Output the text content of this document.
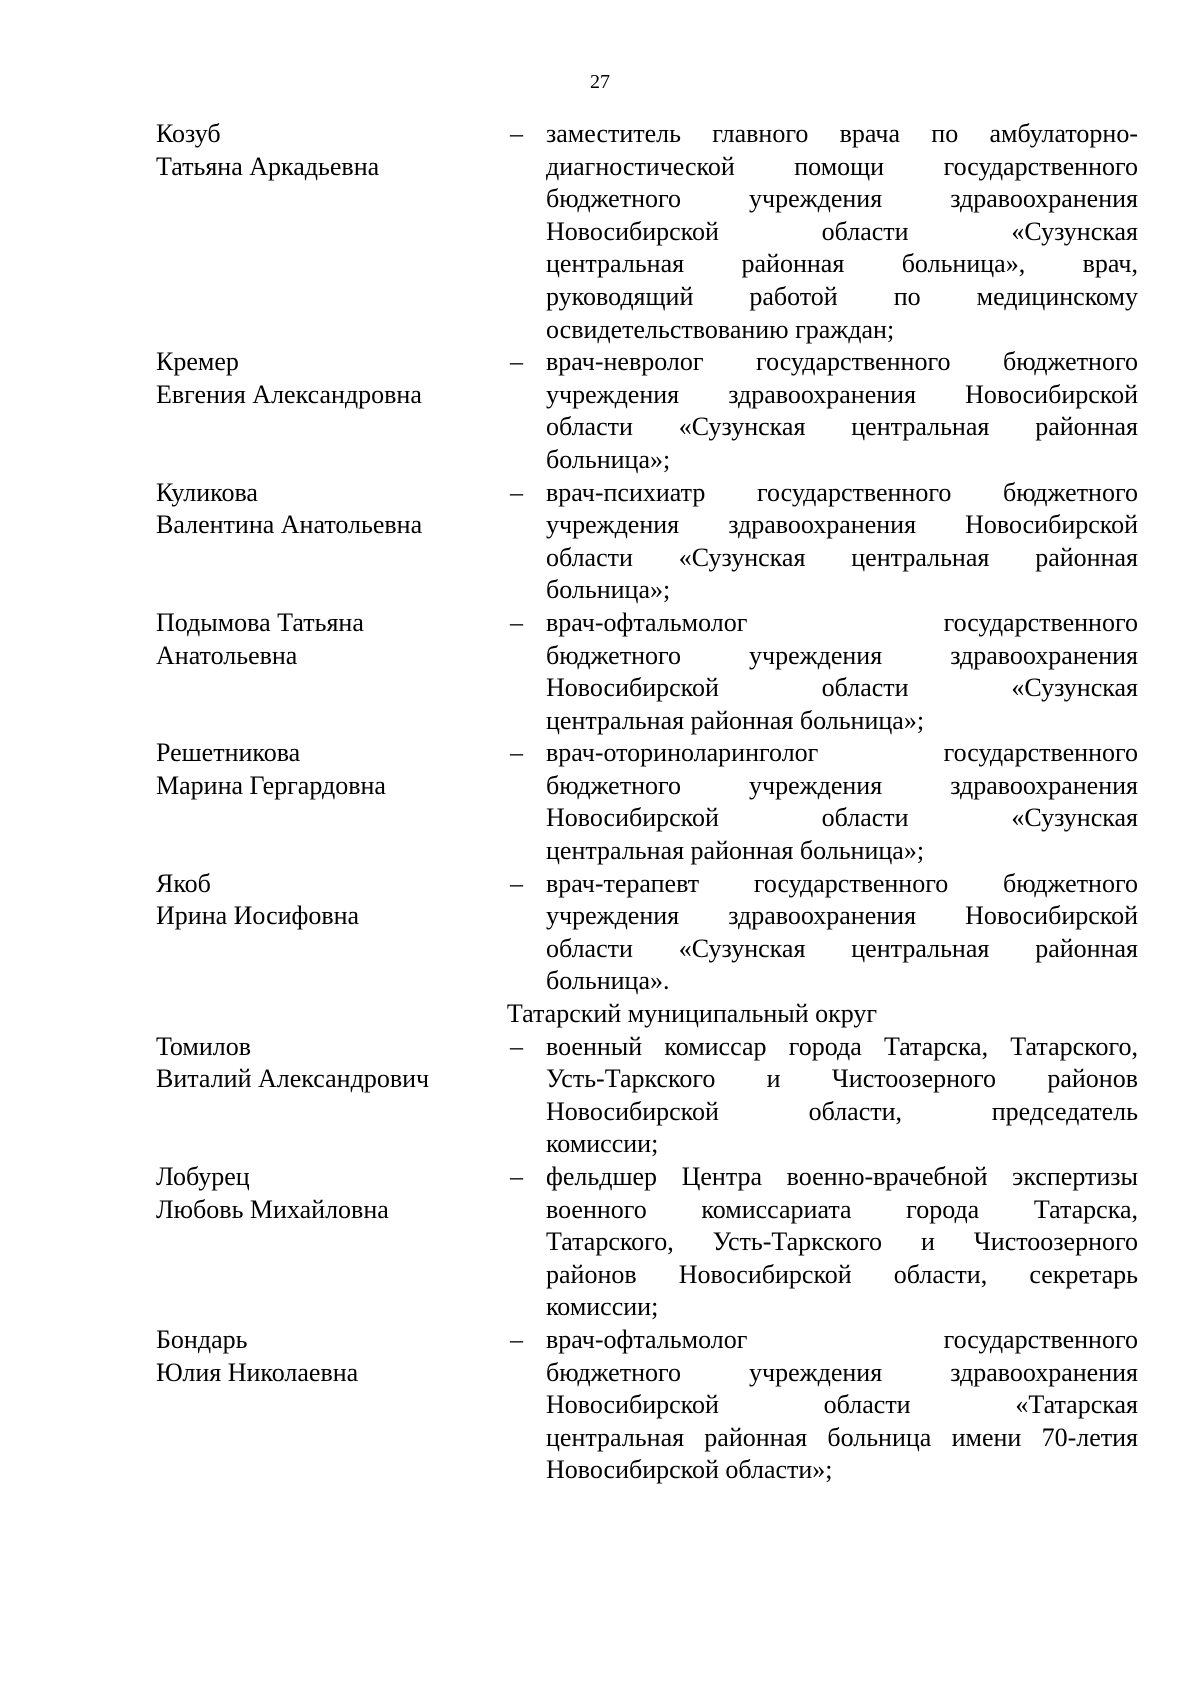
27
Козуб
Татьяна Аркадьевна
– заместитель главного врача по амбулаторно-
диагностической помощи государственного
бюджетного учреждения здравоохранения
Новосибирской области «Сузунская
центральная районная больница», врач,
руководящий работой по медицинскому
освидетельствованию граждан;
Кремер
Евгения Александровна
– врач-невролог государственного бюджетного
учреждения здравоохранения Новосибирской
области «Сузунская центральная районная
больница»;
Куликова
Валентина Анатольевна
– врач-психиатр государственного бюджетного
учреждения здравоохранения Новосибирской
области «Сузунская центральная районная
больница»;
Подымова Татьяна
Анатольевна
– врач-офтальмолог государственного
бюджетного учреждения здравоохранения
Новосибирской области «Сузунская
центральная районная больница»;
Решетникова
Марина Гергардовна
– врач-оториноларинголог государственного
бюджетного учреждения здравоохранения
Новосибирской области «Сузунская
центральная районная больница»;
Якоб
Ирина Иосифовна
– врач-терапевт государственного бюджетного
учреждения здравоохранения Новосибирской
области «Сузунская центральная районная
больница».
Татарский муниципальный округ
Томилов
Виталий Александрович
– военный комиссар города Татарска, Татарского,
Усть-Таркского и Чистоозерного районов
Новосибирской области, председатель
комиссии;
Лобурец
Любовь Михайловна
– фельдшер Центра военно-врачебной экспертизы
военного комиссариата города Татарска,
Татарского, Усть-Таркского и Чистоозерного
районов Новосибирской области, секретарь
комиссии;
Бондарь
Юлия Николаевна
– врач-офтальмолог государственного
бюджетного учреждения здравоохранения
Новосибирской области «Татарская
центральная районная больница имени 70-летия
Новосибирской области»;
